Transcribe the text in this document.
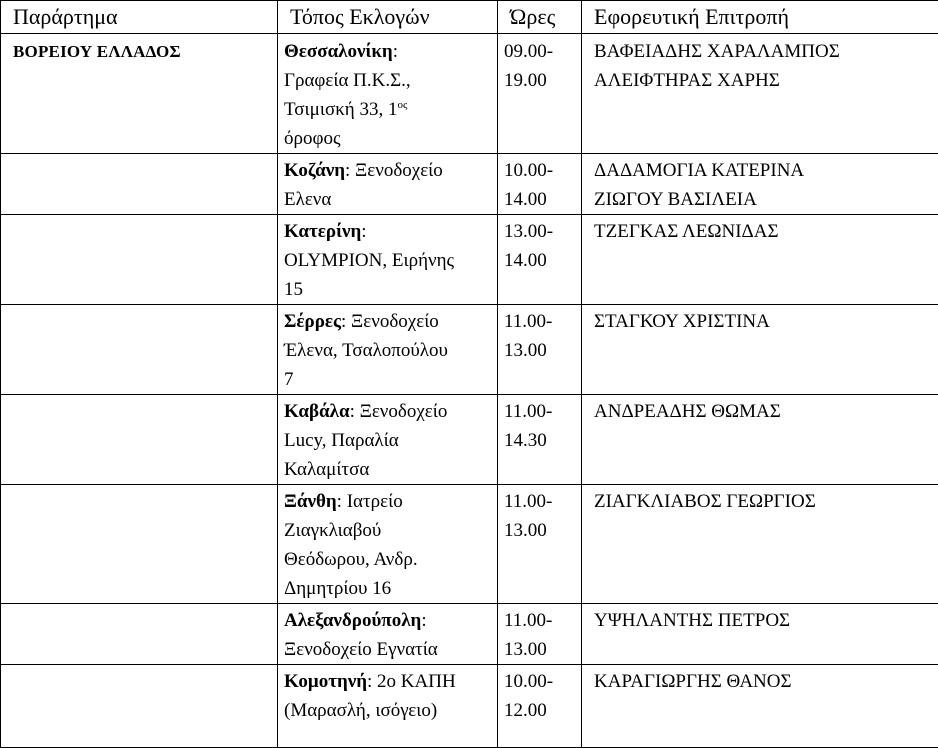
Παράρτημα	Τόπος Εκλογών	Ώρες	Εφορευτική Επιτροπή
ΒΟΡΕΙΟΥ ΕΛΛΑΔΟΣ	Θεσσαλονίκη:
Γραφεία Π.Κ.Σ.,
Τσιμισκή 33, $1^{o\varsigma}$
όροφος	09.00-
19.00	ΒΑΦΕΙΑΔΗΣ ΧΑΡΑΛΑΜΠΟΣ
ΑΛΕΙΦΤΗΡΑΣ ΧΑΡΗΣ

	Κοζάνη: Ξενοδοχείο
Ελενα	10.00-
14.00	ΔΑΔΑΜΟΓΙΑ ΚΑΤΕΡΙΝΑ
ΖΙΩΓΟΥ ΒΑΣΙΛΕΙΑ

	Κατερίνη:
OLYMPION, Ειρήνης
15	13.00-
14.00	ΤΖΕΓΚΑΣ ΛΕΩΝΙΔΑΣ

	Σέρρες: Ξενοδοχείο
Έλενα, Τσαλοπούλου
7	11.00-
13.00	ΣΤΑΓΚΟΥ ΧΡΙΣΤΙΝΑ

	Καβάλα: Ξενοδοχείο
Lucy, Παραλία
Καλαμίτσα	11.00-
14.30	ΑΝΔΡΕΑΔΗΣ ΘΩΜΑΣ

	Ξάνθη: Ιατρείο
Ζιαγκλιαβού
Θεόδωρου, Ανδρ.
Δημητρίου 16	11.00-
13.00	ΖΙΑΓΚΛΙΑΒΟΣ ΓΕΩΡΓΙΟΣ

	Αλεξανδρούπολη:
Ξενοδοχείο Εγνατία	11.00-
13.00	ΥΨΗΛΑΝΤΗΣ ΠΕΤΡΟΣ

	Κομοτηνή: 2ο ΚΑΠΗ
(Μαρασλή, ισόγειο)	10.00-
12.00	ΚΑΡΑΓΙΩΡΓΗΣ ΘΑΝΟΣ
